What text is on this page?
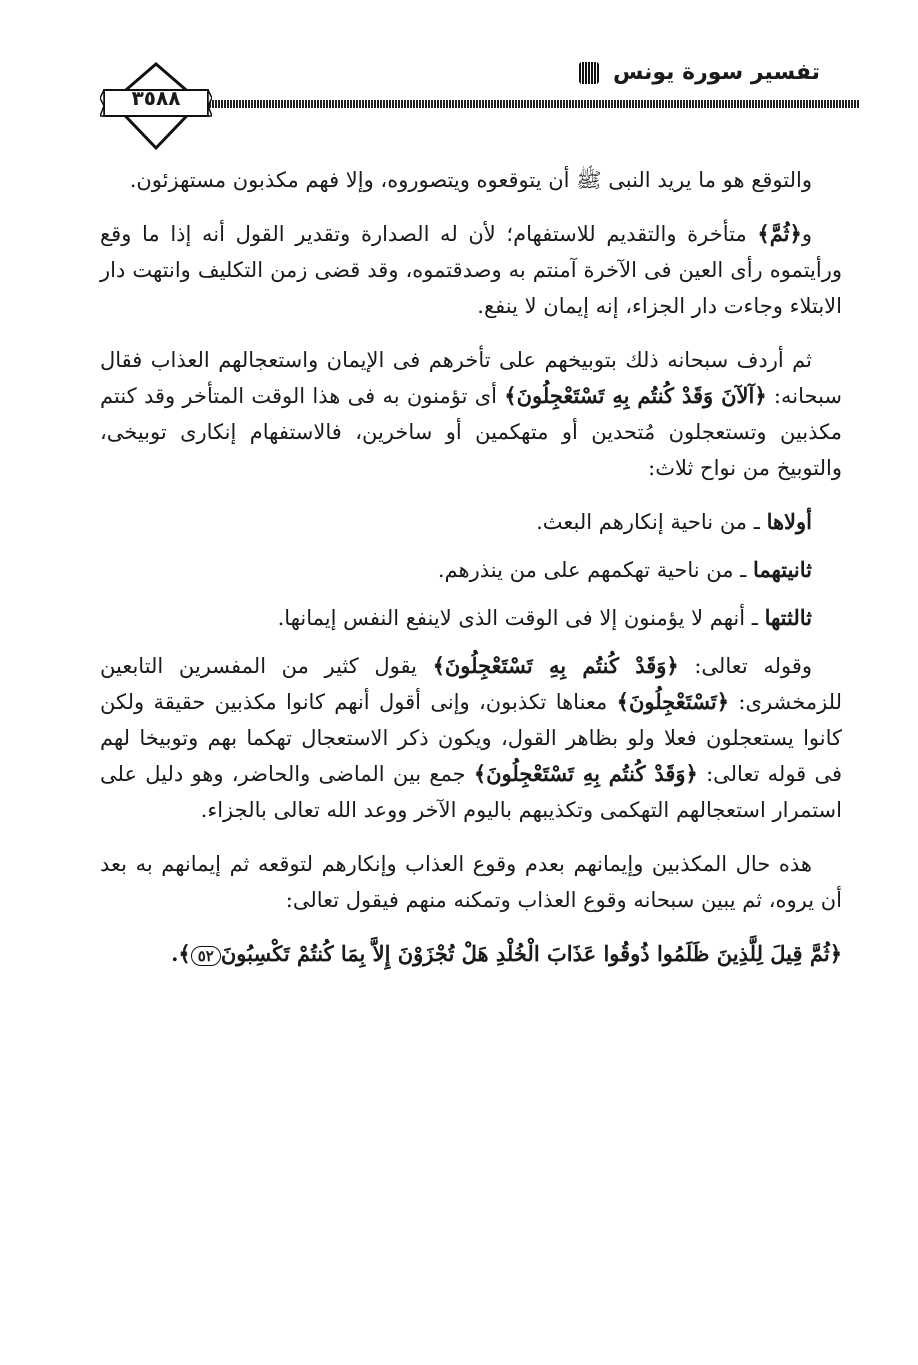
٣٥٨٨
تفسير سورة يونس

والتوقع هو ما يريد النبى ﷺ أن يتوقعوه ويتصوروه، وإلا فهم مكذبون مستهزئون.

و﴿ثُمَّ﴾ متأخرة والتقديم للاستفهام؛ لأن له الصدارة وتقدير القول أنه إذا ما وقع ورأيتموه رأى العين فى الآخرة آمنتم به وصدقتموه، وقد قضى زمن التكليف وانتهت دار الابتلاء وجاءت دار الجزاء، إنه إيمان لا ينفع.

ثم أردف سبحانه ذلك بتوبيخهم على تأخرهم فى الإيمان واستعجالهم العذاب فقال سبحانه: ﴿آلآنَ وَقَدْ كُنتُم بِهِ تَسْتَعْجِلُونَ﴾ أى تؤمنون به فى هذا الوقت المتأخر وقد كنتم مكذبين وتستعجلون مُتحدين أو متهكمين أو ساخرين، فالاستفهام إنكارى توبيخى، والتوبيخ من نواح ثلاث:

أولاها ـ من ناحية إنكارهم البعث.

ثانيتهما ـ من ناحية تهكمهم على من ينذرهم.

ثالثتها ـ أنهم لا يؤمنون إلا فى الوقت الذى لاينفع النفس إيمانها.

وقوله تعالى: ﴿وَقَدْ كُنتُم بِهِ تَسْتَعْجِلُونَ﴾ يقول كثير من المفسرين التابعين للزمخشرى: ﴿تَسْتَعْجِلُونَ﴾ معناها تكذبون، وإنى أقول أنهم كانوا مكذبين حقيقة ولكن كانوا يستعجلون فعلا ولو بظاهر القول، ويكون ذكر الاستعجال تهكما بهم وتوبيخا لهم فى قوله تعالى: ﴿وَقَدْ كُنتُم بِهِ تَسْتَعْجِلُونَ﴾ جمع بين الماضى والحاضر، وهو دليل على استمرار استعجالهم التهكمى وتكذيبهم باليوم الآخر ووعد الله تعالى بالجزاء.

هذه حال المكذبين وإيمانهم بعدم وقوع العذاب وإنكارهم لتوقعه ثم إيمانهم به بعد أن يروه، ثم يبين سبحانه وقوع العذاب وتمكنه منهم فيقول تعالى:

﴿ثُمَّ قِيلَ لِلَّذِينَ ظَلَمُوا ذُوقُوا عَذَابَ الْخُلْدِ هَلْ تُجْزَوْنَ إِلاَّ بِمَا كُنتُمْ تَكْسِبُونَ٥٢﴾.
